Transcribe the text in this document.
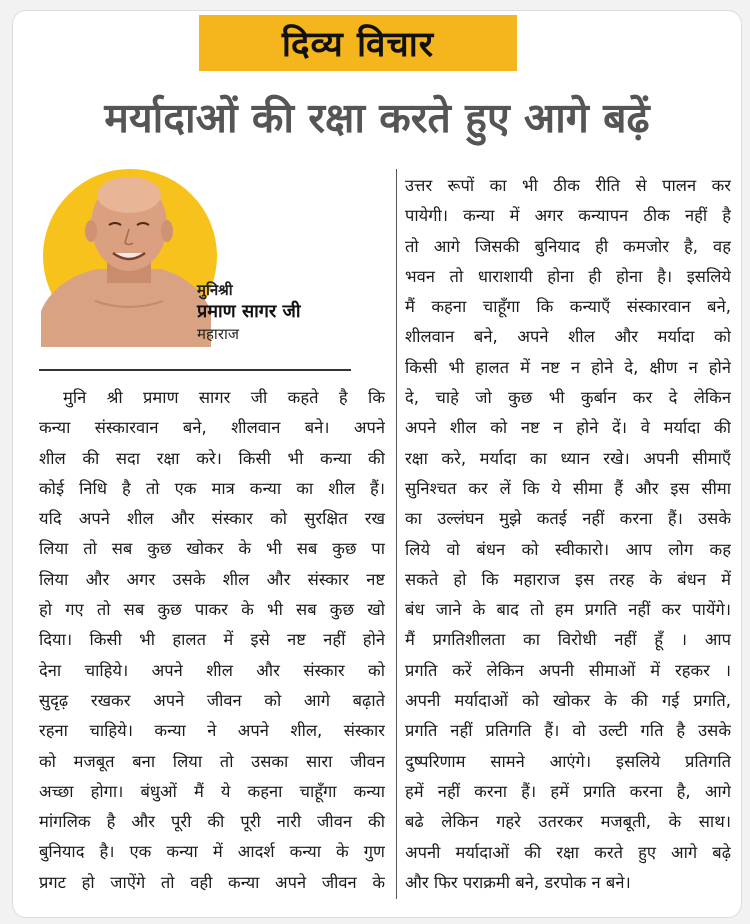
दिव्य विचार
मर्यादाओं की रक्षा करते हुए आगे बढ़ें
मुनिश्री
प्रमाण सागर जी
महाराज
मुनि श्री प्रमाण सागर जी कहते है कि
कन्या संस्कारवान बने, शीलवान बने। अपने
शील की सदा रक्षा करे। किसी भी कन्या की
कोई निधि है तो एक मात्र कन्या का शील हैं।
यदि अपने शील और संस्कार को सुरक्षित रख
लिया तो सब कुछ खोकर के भी सब कुछ पा
लिया और अगर उसके शील और संस्कार नष्ट
हो गए तो सब कुछ पाकर के भी सब कुछ खो
दिया। किसी भी हालत में इसे नष्ट नहीं होने
देना चाहिये। अपने शील और संस्कार को
सुदृढ़ रखकर अपने जीवन को आगे बढ़ाते
रहना चाहिये। कन्या ने अपने शील, संस्कार
को मजबूत बना लिया तो उसका सारा जीवन
अच्छा होगा। बंधुओं मैं ये कहना चाहूँगा कन्या
मांगलिक है और पूरी की पूरी नारी जीवन की
बुनियाद है। एक कन्या में आदर्श कन्या के गुण
प्रगट हो जाऐंगे तो वही कन्या अपने जीवन के
उत्तर रूपों का भी ठीक रीति से पालन कर
पायेगी। कन्या में अगर कन्यापन ठीक नहीं है
तो आगे जिसकी बुनियाद ही कमजोर है, वह
भवन तो धाराशायी होना ही होना है। इसलिये
मैं कहना चाहूँगा कि कन्याएँ संस्कारवान बने,
शीलवान बने, अपने शील और मर्यादा को
किसी भी हालत में नष्ट न होने दे, क्षीण न होने
दे, चाहे जो कुछ भी कुर्बान कर दे लेकिन
अपने शील को नष्ट न होने दें। वे मर्यादा की
रक्षा करे, मर्यादा का ध्यान रखे। अपनी सीमाएँ
सुनिश्चत कर लें कि ये सीमा हैं और इस सीमा
का उल्लंघन मुझे कतई नहीं करना हैं। उसके
लिये वो बंधन को स्वीकारो। आप लोग कह
सकते हो कि महाराज इस तरह के बंधन में
बंध जाने के बाद तो हम प्रगति नहीं कर पायेंगे।
मैं प्रगतिशीलता का विरोधी नहीं हूँ । आप
प्रगति करें लेकिन अपनी सीमाओं में रहकर ।
अपनी मर्यादाओं को खोकर के की गई प्रगति,
प्रगति नहीं प्रतिगति हैं। वो उल्टी गति है उसके
दुष्परिणाम सामने आएंगे। इसलिये प्रतिगति
हमें नहीं करना हैं। हमें प्रगति करना है, आगे
बढे लेकिन गहरे उतरकर मजबूती, के साथ।
अपनी मर्यादाओं की रक्षा करते हुए आगे बढ़े
और फिर पराक्रमी बने, डरपोक न बने।
